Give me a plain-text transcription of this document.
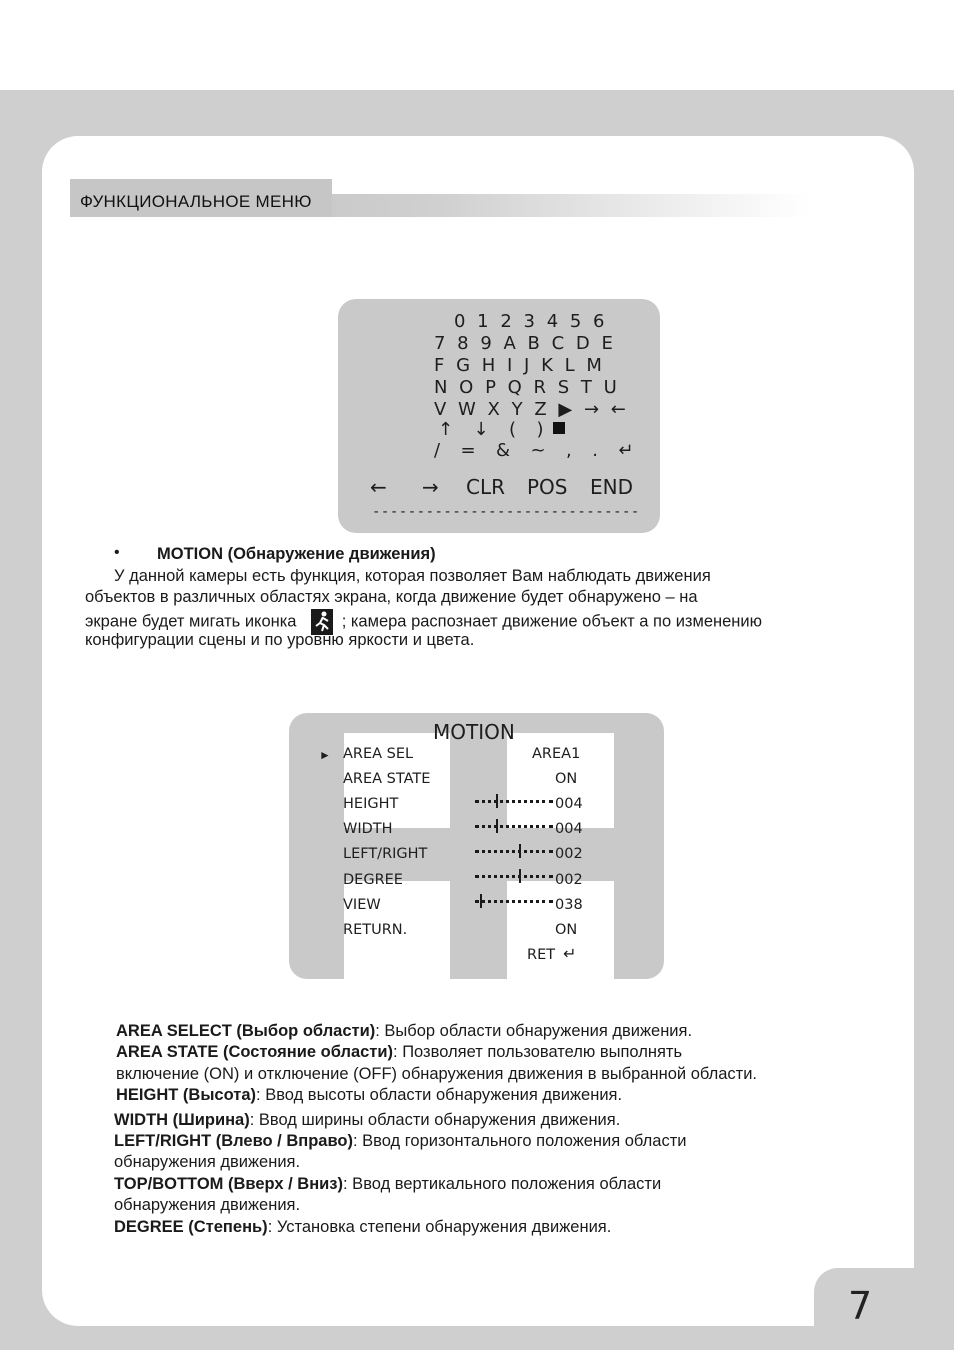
7
ФУНКЦИОНАЛЬНОЕ МЕНЮ
0 1 2 3 4 5 6
7 8 9 A B C D E
F G H I J K L M
N O P Q R S T U
V W X Y Z ▶ → ←
↑  ↓  (  )
/  =  &  ~  ,  .  ↵
← → CLR POS END
------------------------------
• MOTION (Обнаружение движения)
У данной камеры есть функция, которая позволяет Вам наблюдать движения
объектов в различных областях экрана, когда движение будет обнаружено – на
экране будет мигать иконка	; камера распознает движение объект а по изменению
конфигурации сцены и по уровню яркости и цвета.
MOTION
► AREA SEL	AREA1
AREA STATE	ON
HEIGHT	004
WIDTH	004
LEFT/RIGHT	002
DEGREE	002
VIEW	038
RETURN.	ON
RET ↵
AREA SELECT (Выбор области): Выбор области обнаружения движения.
AREA STATE (Состояние области): Позволяет пользователю выполнять
включение (ON) и отключение (OFF) обнаружения движения в выбранной области.
HEIGHT (Высота): Ввод высоты области обнаружения движения.
WIDTH (Ширина): Ввод ширины области обнаружения движения.
LEFT/RIGHT (Влево / Вправо): Ввод горизонтального положения области
обнаружения движения.
TOP/BOTTOM (Вверх / Вниз): Ввод вертикального положения области
обнаружения движения.
DEGREE (Степень): Установка степени обнаружения движения.
